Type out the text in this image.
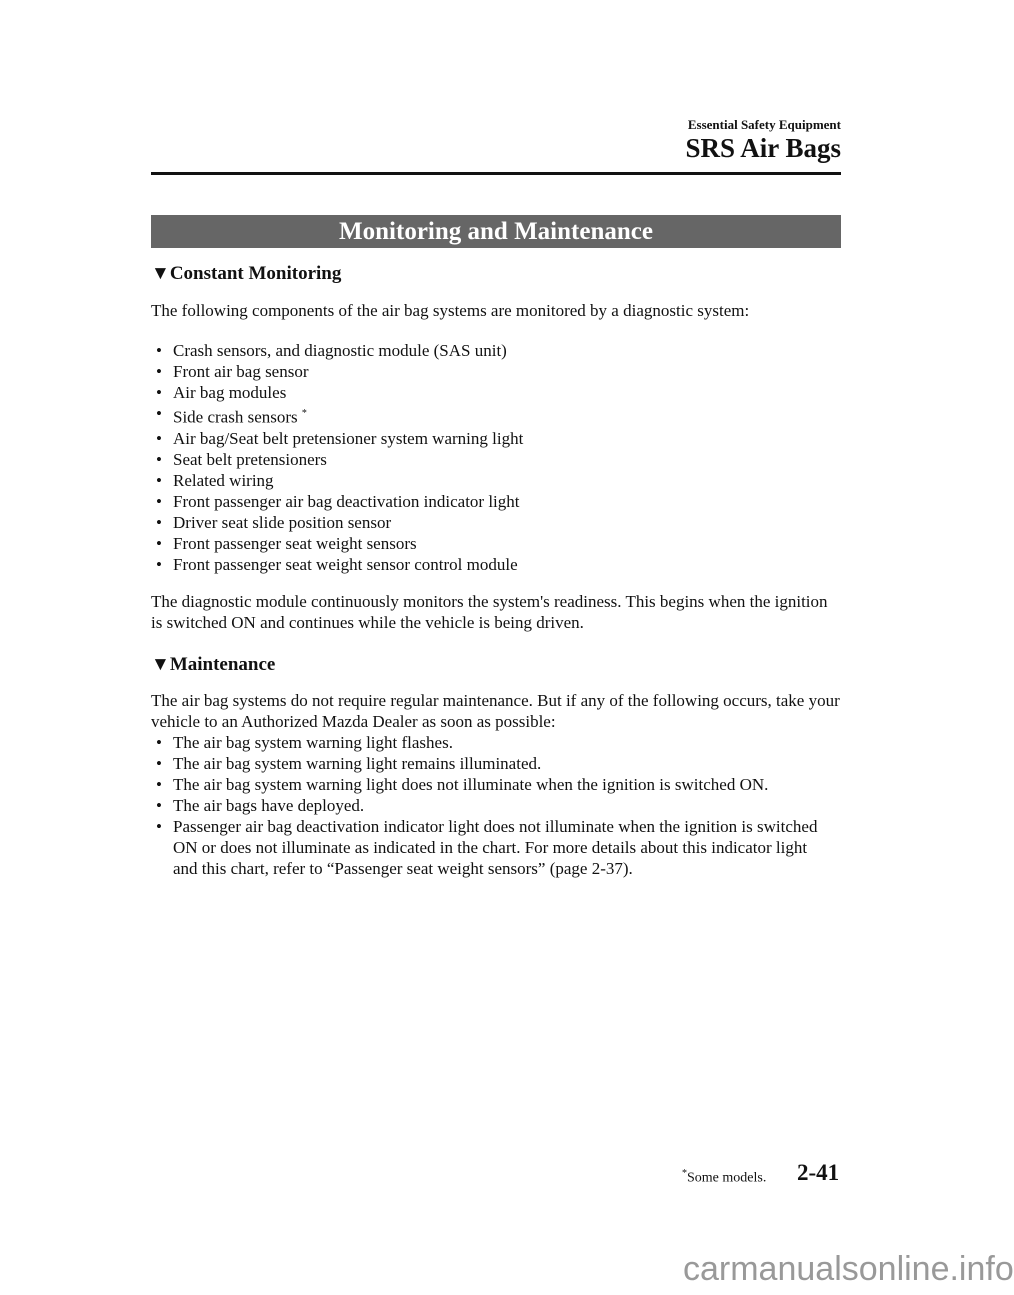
Essential Safety Equipment
SRS Air Bags
Monitoring and Maintenance
▼Constant Monitoring
The following components of the air bag systems are monitored by a diagnostic system:
• Crash sensors, and diagnostic module (SAS unit)
• Front air bag sensor
• Air bag modules
• Side crash sensors *
• Air bag/Seat belt pretensioner system warning light
• Seat belt pretensioners
• Related wiring
• Front passenger air bag deactivation indicator light
• Driver seat slide position sensor
• Front passenger seat weight sensors
• Front passenger seat weight sensor control module
The diagnostic module continuously monitors the system's readiness. This begins when the ignition is switched ON and continues while the vehicle is being driven.
▼Maintenance
The air bag systems do not require regular maintenance. But if any of the following occurs, take your vehicle to an Authorized Mazda Dealer as soon as possible:
• The air bag system warning light flashes.
• The air bag system warning light remains illuminated.
• The air bag system warning light does not illuminate when the ignition is switched ON.
• The air bags have deployed.
• Passenger air bag deactivation indicator light does not illuminate when the ignition is switched ON or does not illuminate as indicated in the chart. For more details about this indicator light and this chart, refer to “Passenger seat weight sensors” (page 2-37).
*Some models. 2-41
carmanualsonline.info
